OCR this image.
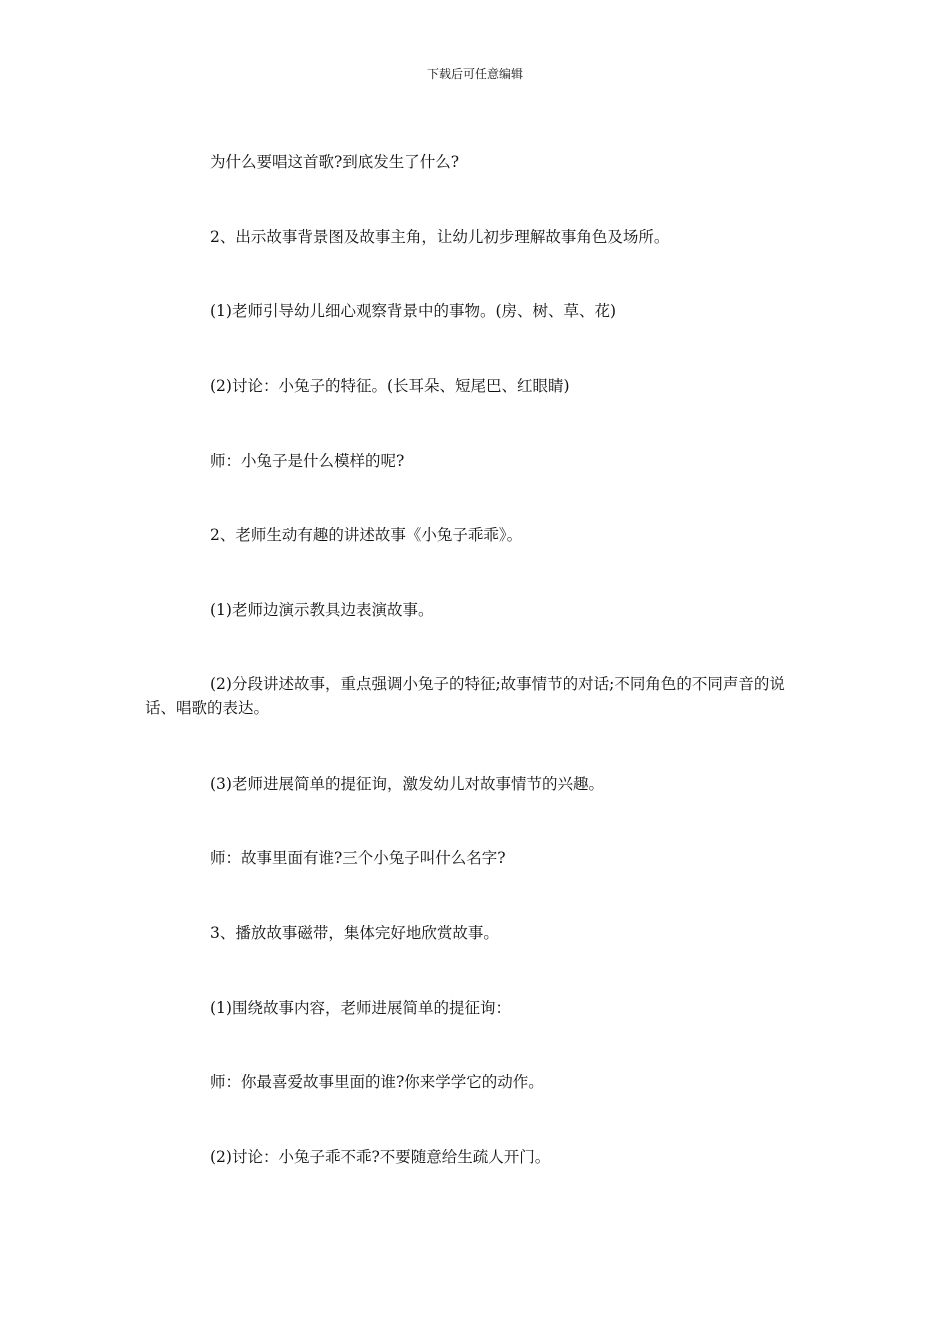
下载后可任意编辑

为什么要唱这首歌?到底发生了什么?

2、出示故事背景图及故事主角，让幼儿初步理解故事角色及场所。

(1)老师引导幼儿细心观察背景中的事物。(房、树、草、花)

(2)讨论：小兔子的特征。(长耳朵、短尾巴、红眼睛)

师：小兔子是什么模样的呢?

2、老师生动有趣的讲述故事《小兔子乖乖》。

(1)老师边演示教具边表演故事。

(2)分段讲述故事，重点强调小兔子的特征;故事情节的对话;不同角色的不同声音的说话、唱歌的表达。

(3)老师进展简单的提征询，激发幼儿对故事情节的兴趣。

师：故事里面有谁?三个小兔子叫什么名字?

3、播放故事磁带，集体完好地欣赏故事。

(1)围绕故事内容，老师进展简单的提征询：

师：你最喜爱故事里面的谁?你来学学它的动作。

(2)讨论：小兔子乖不乖?不要随意给生疏人开门。
